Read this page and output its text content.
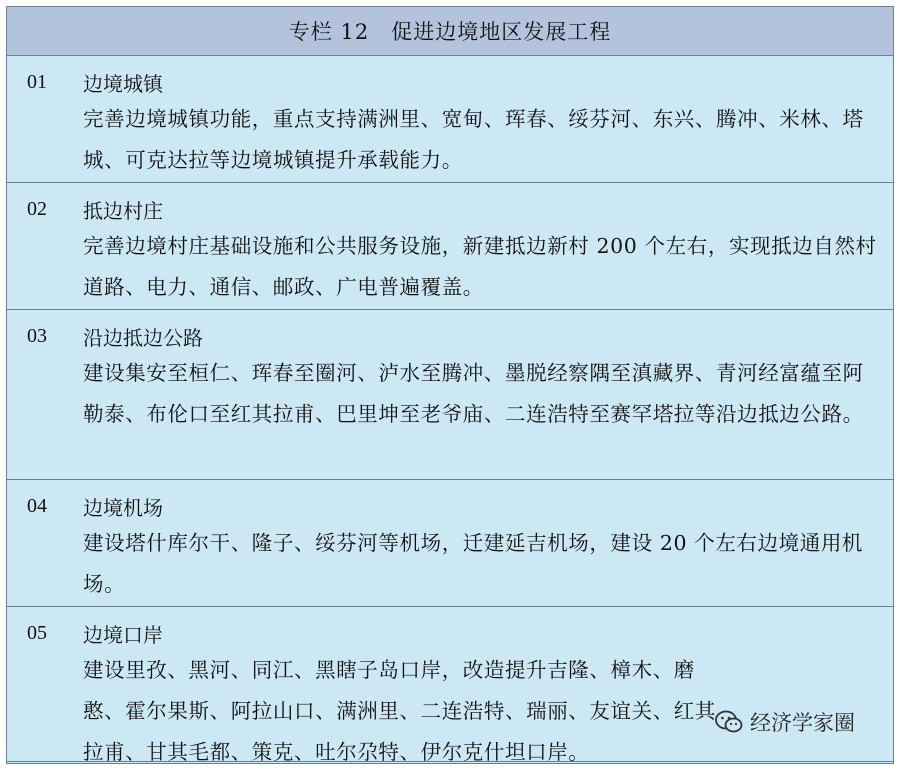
专栏 12 促进边境地区发展工程
01	边境城镇
完善边境城镇功能，重点支持满洲里、宽甸、珲春、绥芬河、东兴、腾冲、米林、塔城、可克达拉等边境城镇提升承载能力。
02	抵边村庄
完善边境村庄基础设施和公共服务设施，新建抵边新村 200 个左右，实现抵边自然村道路、电力、通信、邮政、广电普遍覆盖。
03	沿边抵边公路
建设集安至桓仁、珲春至圈河、泸水至腾冲、墨脱经察隅至滇藏界、青河经富蕴至阿勒泰、布伦口至红其拉甫、巴里坤至老爷庙、二连浩特至赛罕塔拉等沿边抵边公路。
04	边境机场
建设塔什库尔干、隆子、绥芬河等机场，迁建延吉机场，建设 20 个左右边境通用机场。
05	边境口岸
建设里孜、黑河、同江、黑瞎子岛口岸，改造提升吉隆、樟木、磨憨、霍尔果斯、阿拉山口、满洲里、二连浩特、瑞丽、友谊关、红其拉甫、甘其毛都、策克、吐尔尕特、伊尔克什坦口岸。
经济学家圈
